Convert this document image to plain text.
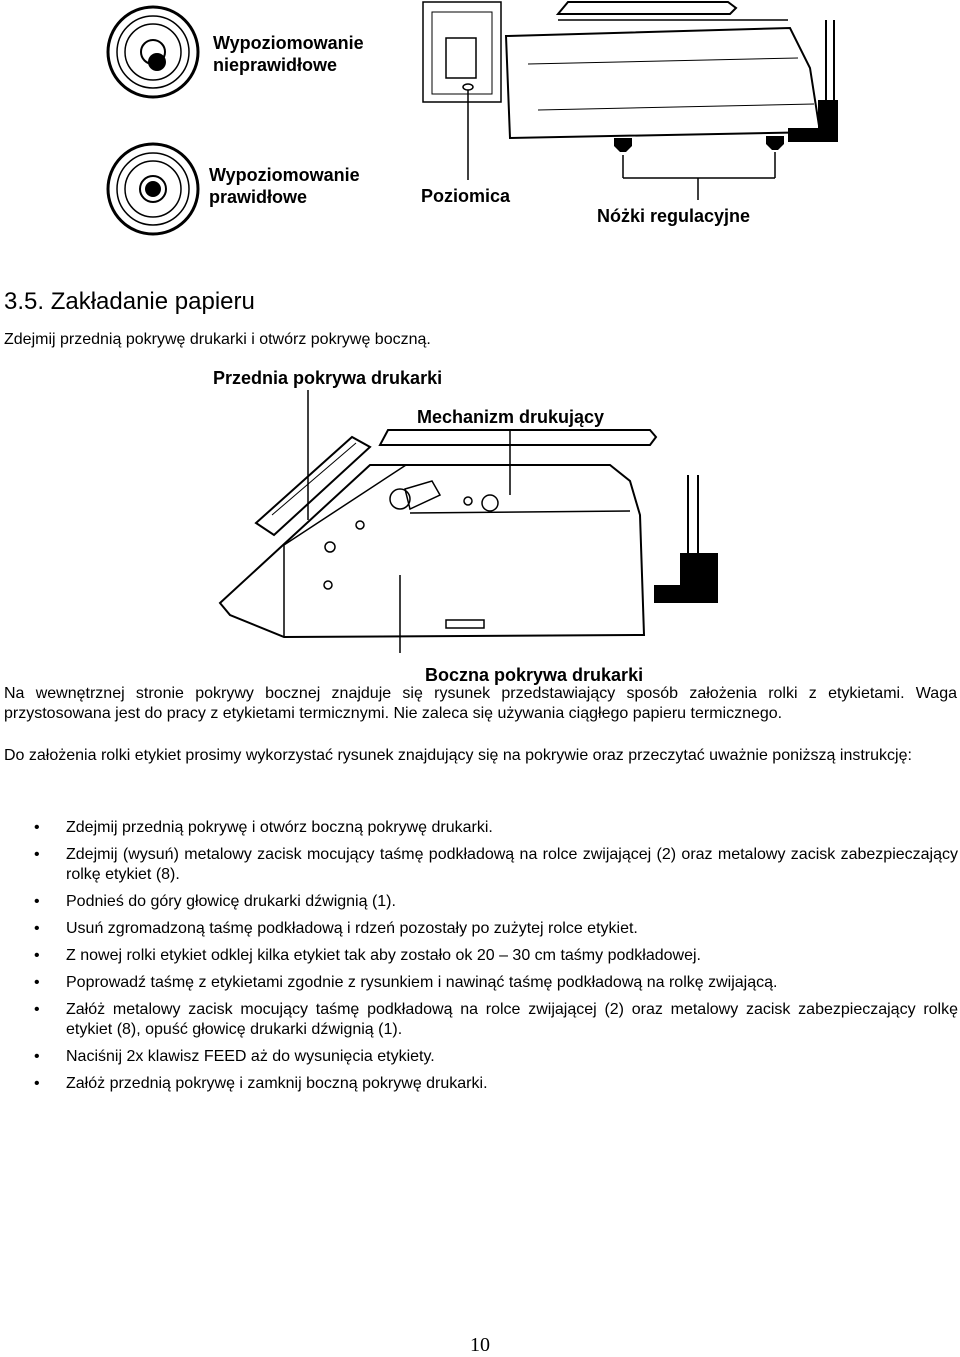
Wypoziomowanie
nieprawidłowe
Wypoziomowanie
prawidłowe	Poziomica
Nóżki regulacyjne
3.5. Zakładanie papieru
Zdejmij przednią pokrywę drukarki i otwórz pokrywę boczną.
Przednia pokrywa drukarki
Mechanizm drukujący
Boczna pokrywa drukarki
Na wewnętrznej stronie pokrywy bocznej znajduje się rysunek przedstawiający sposób założenia rolki z etykietami. Waga przystosowana jest do pracy z etykietami termicznymi. Nie zaleca się używania ciągłego papieru termicznego.
Do założenia rolki etykiet prosimy wykorzystać rysunek znajdujący się na pokrywie oraz przeczytać uważnie poniższą instrukcję:
• Zdejmij przednią pokrywę i otwórz boczną pokrywę drukarki.
• Zdejmij (wysuń) metalowy zacisk mocujący taśmę podkładową na rolce zwijającej (2) oraz metalowy zacisk zabezpieczający rolkę etykiet (8).
• Podnieś do góry głowicę drukarki dźwignią (1).
• Usuń zgromadzoną taśmę podkładową i rdzeń pozostały po zużytej rolce etykiet.
• Z nowej rolki etykiet odklej kilka etykiet tak aby zostało ok 20 – 30 cm taśmy podkładowej.
• Poprowadź taśmę z etykietami zgodnie z rysunkiem i nawinąć taśmę podkładową na rolkę zwijającą.
• Załóż metalowy zacisk mocujący taśmę podkładową na rolce zwijającej (2) oraz metalowy zacisk zabezpieczający rolkę etykiet (8), opuść głowicę drukarki dźwignią (1).
• Naciśnij 2x klawisz FEED aż do wysunięcia etykiety.
• Załóż przednią pokrywę i zamknij boczną pokrywę drukarki.
10
